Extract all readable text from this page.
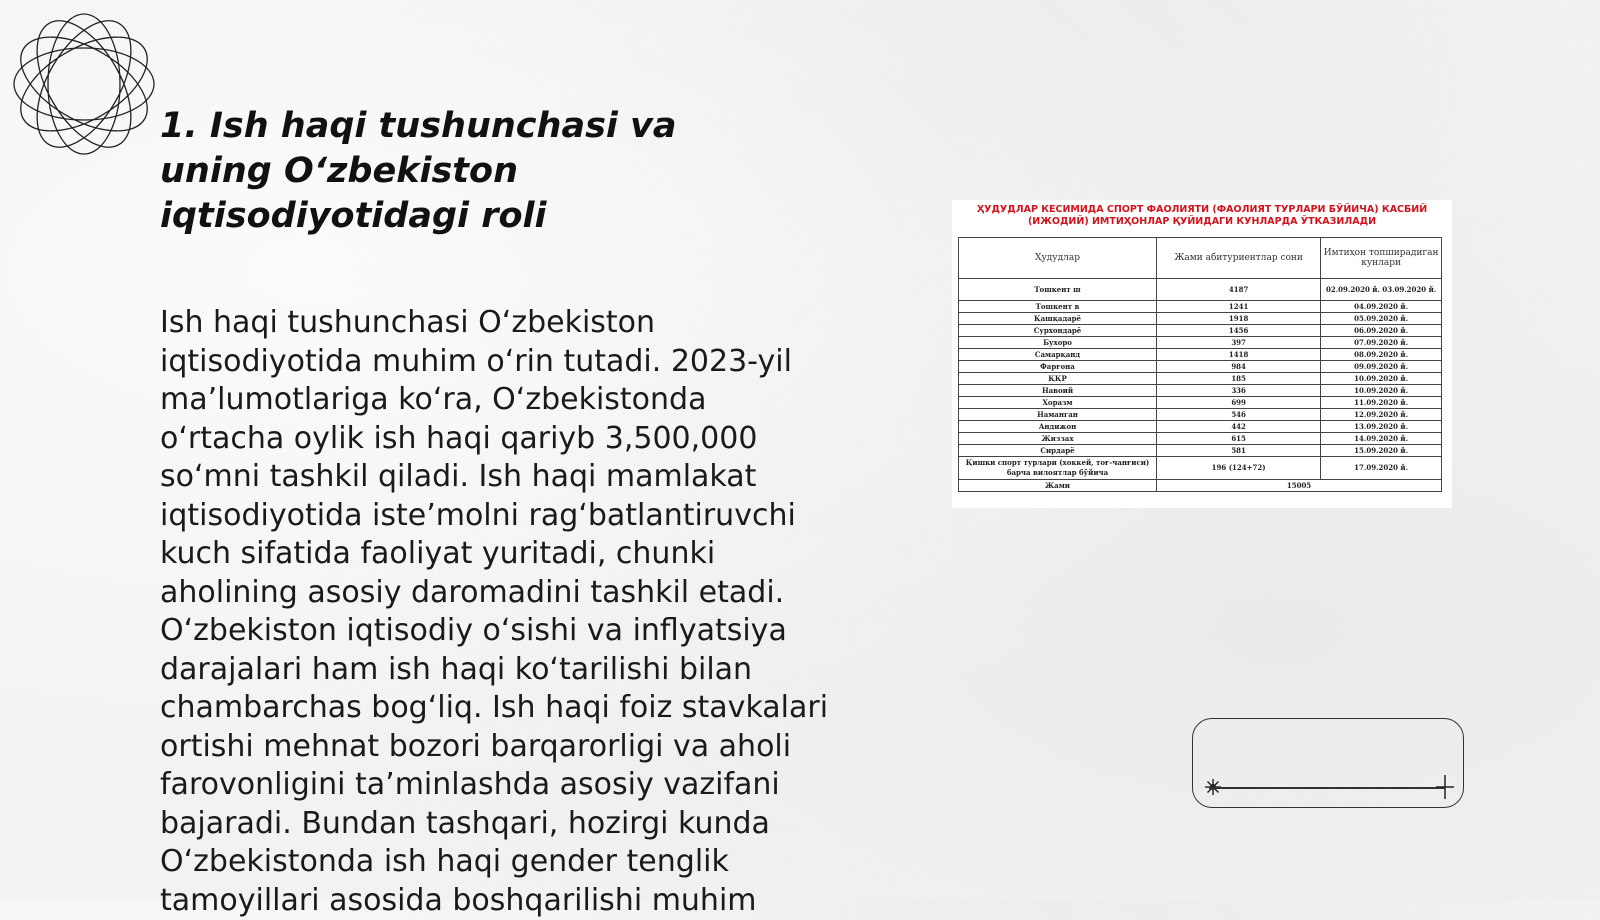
1. Ish haqi tushunchasi va uning O‘zbekiston iqtisodiyotidagi roli

Ish haqi tushunchasi O‘zbekiston iqtisodiyotida muhim o‘rin tutadi. 2023-yil ma’lumotlariga ko‘ra, O‘zbekistonda o‘rtacha oylik ish haqi qariyb 3,500,000 so‘mni tashkil qiladi. Ish haqi mamlakat iqtisodiyotida iste’molni rag‘batlantiruvchi kuch sifatida faoliyat yuritadi, chunki aholining asosiy daromadini tashkil etadi. O‘zbekiston iqtisodiy o‘sishi va inflyatsiya darajalari ham ish haqi ko‘tarilishi bilan chambarchas bog‘liq. Ish haqi foiz stavkalari ortishi mehnat bozori barqarorligi va aholi farovonligini ta’minlashda asosiy vazifani bajaradi. Bundan tashqari, hozirgi kunda O‘zbekistonda ish haqi gender tenglik tamoyillari asosida boshqarilishi muhim

ҲУДУДЛАР КЕСИМИДА СПОРТ ФАОЛИЯТИ (ФАОЛИЯТ ТУРЛАРИ БЎЙИЧА) КАСБИЙ (ИЖОДИЙ) ИМТИҲОНЛАР ҚУЙИДАГИ КУНЛАРДА ЎТКАЗИЛАДИ
Ҳудудлар	Жами абитуриентлар сони	Имтиҳон топширадиган кунлари
Тошкент ш	4187	02.09.2020 й. 03.09.2020 й.
Тошкент в	1241	04.09.2020 й.
Қашқадарё	1918	05.09.2020 й.
Сурхондарё	1456	06.09.2020 й.
Бухоро	397	07.09.2020 й.
Самарқанд	1418	08.09.2020 й.
Фарғона	984	09.09.2020 й.
ҚҚР	185	10.09.2020 й.
Навоий	336	10.09.2020 й.
Хоразм	699	11.09.2020 й.
Наманган	546	12.09.2020 й.
Андижон	442	13.09.2020 й.
Жиззах	615	14.09.2020 й.
Сирдарё	581	15.09.2020 й.
Қишки спорт турлари (хоккей, тоғ-чанғиси) барча вилоятлар бўйича	196 (124+72)	17.09.2020 й.
Жами	15005	
